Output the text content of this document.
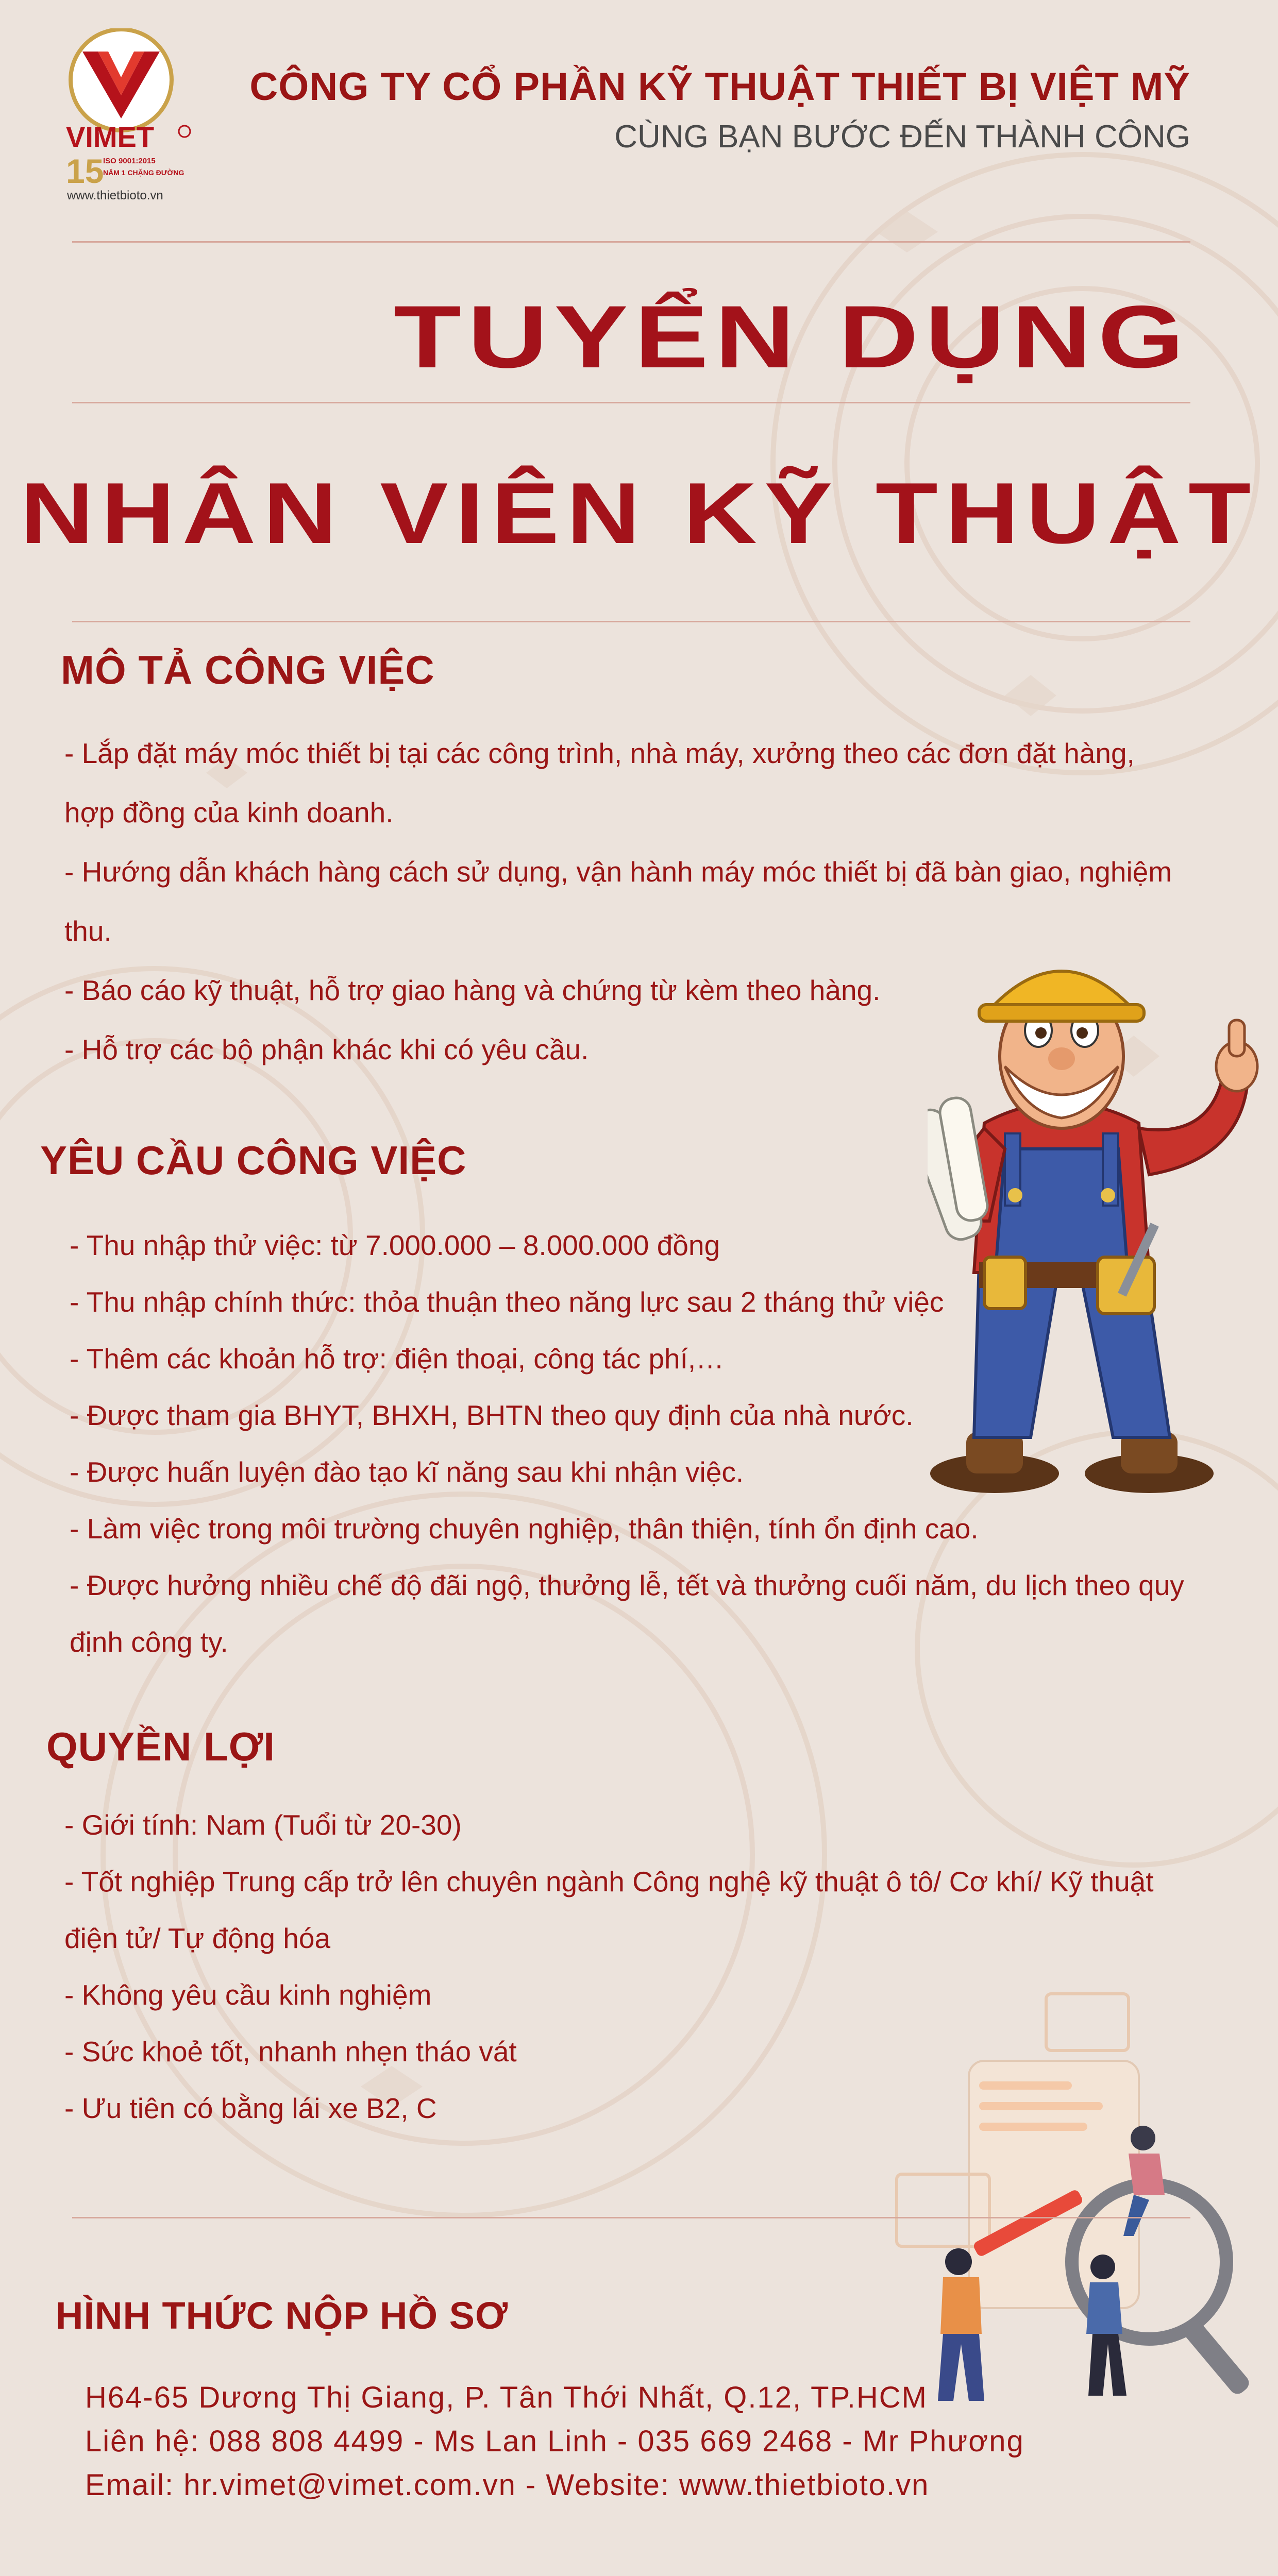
VIMET
15
ISO 9001:2015
NĂM 1 CHẶNG ĐƯỜNG
www.thietbioto.vn
CÔNG TY CỔ PHẦN KỸ THUẬT THIẾT BỊ VIỆT MỸ
CÙNG BẠN BƯỚC ĐẾN THÀNH CÔNG
TUYỂN DỤNG
NHÂN VIÊN KỸ THUẬT
MÔ TẢ CÔNG VIỆC
- Lắp đặt máy móc thiết bị tại các công trình, nhà máy, xưởng theo các đơn đặt hàng,
hợp đồng của kinh doanh.
- Hướng dẫn khách hàng cách sử dụng, vận hành máy móc thiết bị đã bàn giao, nghiệm
thu.
- Báo cáo kỹ thuật, hỗ trợ giao hàng và chứng từ kèm theo hàng.
- Hỗ trợ các bộ phận khác khi có yêu cầu.
YÊU CẦU CÔNG VIỆC
- Thu nhập thử việc: từ 7.000.000 – 8.000.000 đồng
- Thu nhập chính thức: thỏa thuận theo năng lực sau 2 tháng thử việc
- Thêm các khoản hỗ trợ: điện thoại, công tác phí,…
- Được tham gia BHYT, BHXH, BHTN theo quy định của nhà nước.
- Được huấn luyện đào tạo kĩ năng sau khi nhận việc.
- Làm việc trong môi trường chuyên nghiệp, thân thiện, tính ổn định cao.
- Được hưởng nhiều chế độ đãi ngộ, thưởng lễ, tết và thưởng cuối năm, du lịch theo quy
định công ty.
QUYỀN LỢI
- Giới tính: Nam (Tuổi từ 20-30)
- Tốt nghiệp Trung cấp trở lên chuyên ngành Công nghệ kỹ thuật ô tô/ Cơ khí/ Kỹ thuật
điện tử/ Tự động hóa
- Không yêu cầu kinh nghiệm
- Sức khoẻ tốt, nhanh nhẹn tháo vát
- Ưu tiên có bằng lái xe B2, C
HÌNH THỨC NỘP HỒ SƠ
H64-65 Dương Thị Giang, P. Tân Thới Nhất, Q.12, TP.HCM
Liên hệ: 088 808 4499 - Ms Lan Linh - 035 669 2468 - Mr Phương
Email: hr.vimet@vimet.com.vn - Website: www.thietbioto.vn
